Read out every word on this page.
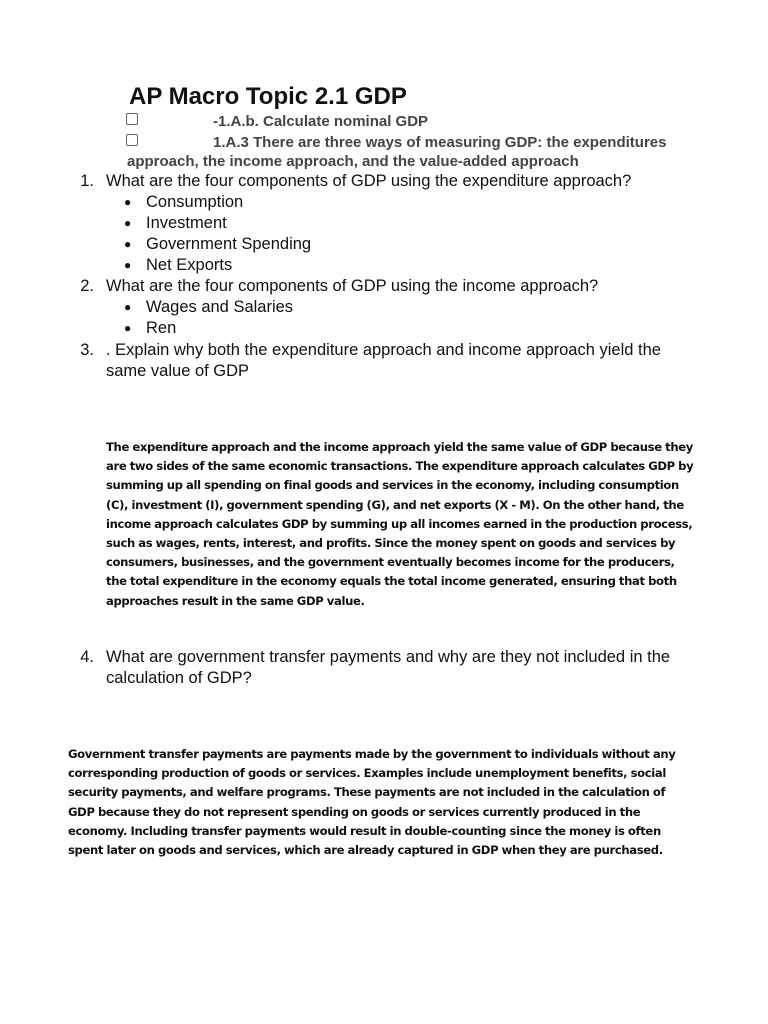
AP Macro Topic 2.1 GDP
-1.A.b. Calculate nominal GDP
1.A.3 There are three ways of measuring GDP: the expenditures approach, the income approach, and the value-added approach
1. What are the four components of GDP using the expenditure approach?
● Consumption
● Investment
● Government Spending
● Net Exports
2. What are the four components of GDP using the income approach?
● Wages and Salaries
● Ren
3. . Explain why both the expenditure approach and income approach yield the same value of GDP

The expenditure approach and the income approach yield the same value of GDP because they are two sides of the same economic transactions. The expenditure approach calculates GDP by summing up all spending on final goods and services in the economy, including consumption (C), investment (I), government spending (G), and net exports (X - M). On the other hand, the income approach calculates GDP by summing up all incomes earned in the production process, such as wages, rents, interest, and profits. Since the money spent on goods and services by consumers, businesses, and the government eventually becomes income for the producers, the total expenditure in the economy equals the total income generated, ensuring that both approaches result in the same GDP value.

4. What are government transfer payments and why are they not included in the calculation of GDP?

Government transfer payments are payments made by the government to individuals without any corresponding production of goods or services. Examples include unemployment benefits, social security payments, and welfare programs. These payments are not included in the calculation of GDP because they do not represent spending on goods or services currently produced in the economy. Including transfer payments would result in double-counting since the money is often spent later on goods and services, which are already captured in GDP when they are purchased.
